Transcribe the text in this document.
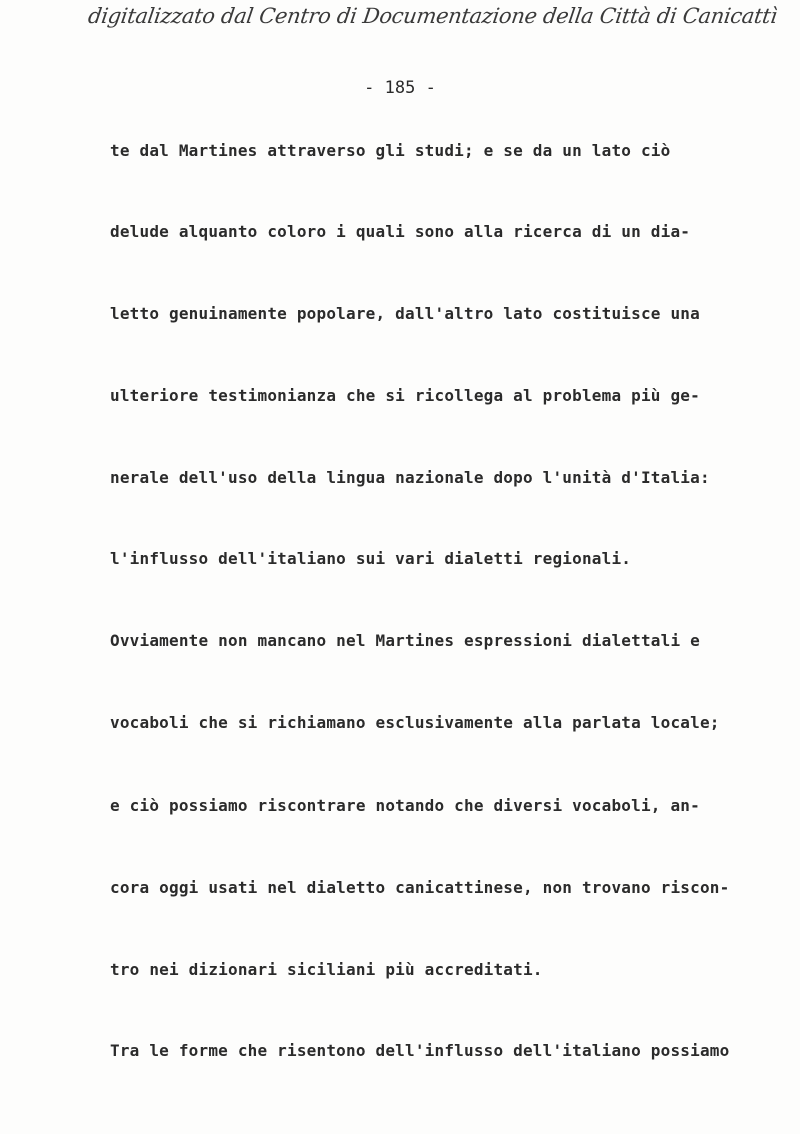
digitalizzato dal Centro di Documentazione della Città di Canicattì
- 185 -
te dal Martines attraverso gli studi; e se da un lato ciò
delude alquanto coloro i quali sono alla ricerca di un dia-
letto genuinamente popolare, dall'altro lato costituisce una
ulteriore testimonianza che si ricollega al problema più ge-
nerale dell'uso della lingua nazionale dopo l'unità d'Italia:
l'influsso dell'italiano sui vari dialetti regionali.
Ovviamente non mancano nel Martines espressioni dialettali e
vocaboli che si richiamano esclusivamente alla parlata locale;
e ciò possiamo riscontrare notando che diversi vocaboli, an-
cora oggi usati nel dialetto canicattinese, non trovano riscon-
tro nei dizionari siciliani più accreditati.
Tra le forme che risentono dell'influsso dell'italiano possiamo
